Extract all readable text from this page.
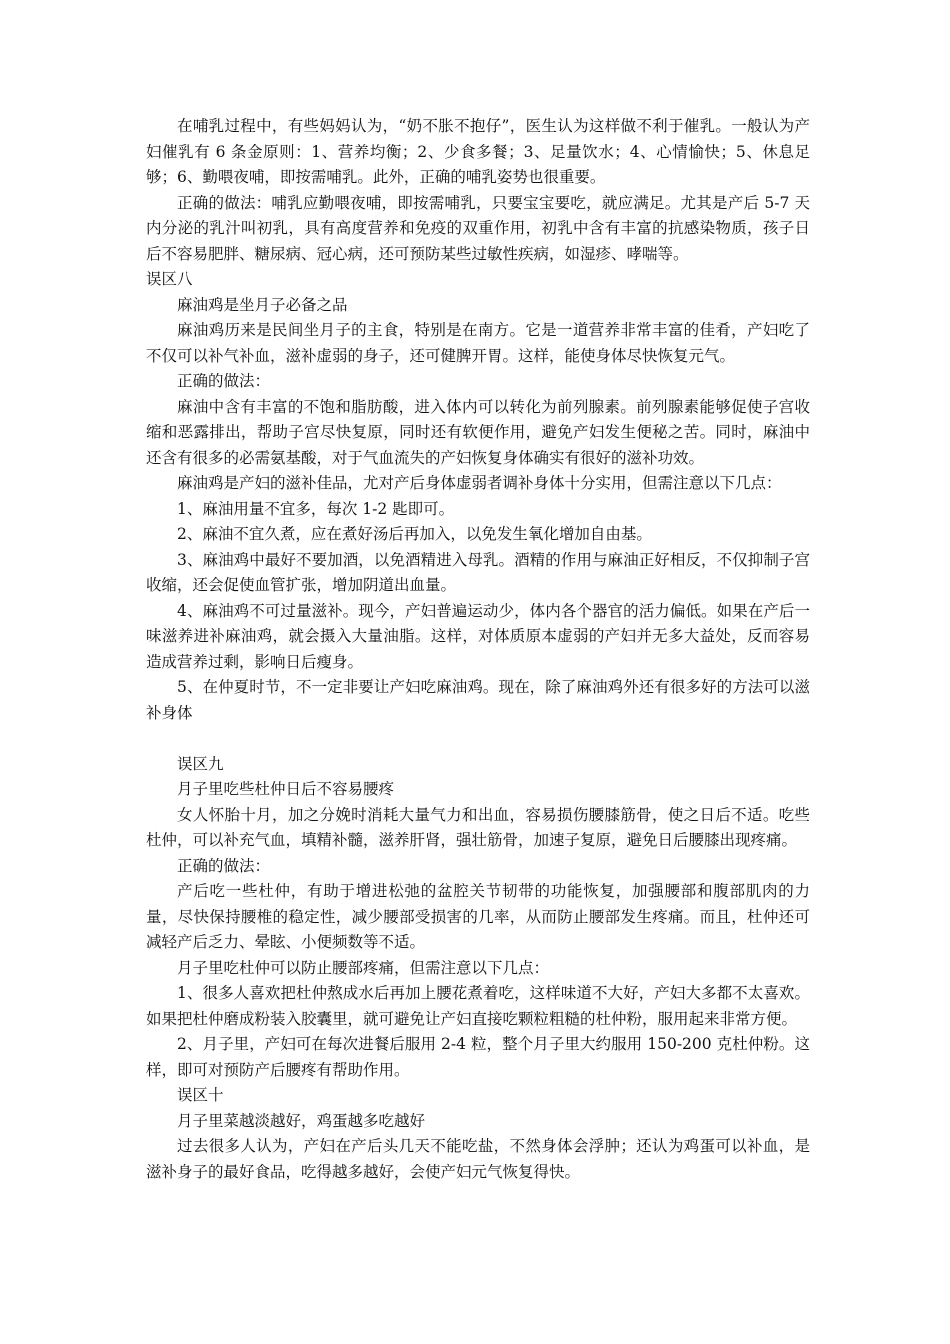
在哺乳过程中，有些妈妈认为，“奶不胀不抱仔”，医生认为这样做不利于催乳。一般认为产妇催乳有 6 条金原则：1、营养均衡；2、少食多餐；3、足量饮水；4、心情愉快；5、休息足够；6、勤喂夜哺，即按需哺乳。此外，正确的哺乳姿势也很重要。

正确的做法：哺乳应勤喂夜哺，即按需哺乳，只要宝宝要吃，就应满足。尤其是产后 5-7 天内分泌的乳汁叫初乳，具有高度营养和免疫的双重作用，初乳中含有丰富的抗感染物质，孩子日后不容易肥胖、糖尿病、冠心病，还可预防某些过敏性疾病，如湿疹、哮喘等。

误区八

麻油鸡是坐月子必备之品

麻油鸡历来是民间坐月子的主食，特别是在南方。它是一道营养非常丰富的佳肴，产妇吃了不仅可以补气补血，滋补虚弱的身子，还可健脾开胃。这样，能使身体尽快恢复元气。

正确的做法：

麻油中含有丰富的不饱和脂肪酸，进入体内可以转化为前列腺素。前列腺素能够促使子宫收缩和恶露排出，帮助子宫尽快复原，同时还有软便作用，避免产妇发生便秘之苦。同时，麻油中还含有很多的必需氨基酸，对于气血流失的产妇恢复身体确实有很好的滋补功效。

麻油鸡是产妇的滋补佳品，尤对产后身体虚弱者调补身体十分实用，但需注意以下几点：

1、麻油用量不宜多，每次 1-2 匙即可。

2、麻油不宜久煮，应在煮好汤后再加入，以免发生氧化增加自由基。

3、麻油鸡中最好不要加酒，以免酒精进入母乳。酒精的作用与麻油正好相反，不仅抑制子宫收缩，还会促使血管扩张，增加阴道出血量。

4、麻油鸡不可过量滋补。现今，产妇普遍运动少，体内各个器官的活力偏低。如果在产后一味滋养进补麻油鸡，就会摄入大量油脂。这样，对体质原本虚弱的产妇并无多大益处，反而容易造成营养过剩，影响日后瘦身。

5、在仲夏时节，不一定非要让产妇吃麻油鸡。现在，除了麻油鸡外还有很多好的方法可以滋补身体

误区九

月子里吃些杜仲日后不容易腰疼

女人怀胎十月，加之分娩时消耗大量气力和出血，容易损伤腰膝筋骨，使之日后不适。吃些杜仲，可以补充气血，填精补髓，滋养肝肾，强壮筋骨，加速子复原，避免日后腰膝出现疼痛。

正确的做法：

产后吃一些杜仲，有助于增进松弛的盆腔关节韧带的功能恢复，加强腰部和腹部肌肉的力量，尽快保持腰椎的稳定性，减少腰部受损害的几率，从而防止腰部发生疼痛。而且，杜仲还可减轻产后乏力、晕眩、小便频数等不适。

月子里吃杜仲可以防止腰部疼痛，但需注意以下几点：

1、很多人喜欢把杜仲熬成水后再加上腰花煮着吃，这样味道不大好，产妇大多都不太喜欢。如果把杜仲磨成粉装入胶囊里，就可避免让产妇直接吃颗粒粗糙的杜仲粉，服用起来非常方便。

2、月子里，产妇可在每次进餐后服用 2-4 粒，整个月子里大约服用 150-200 克杜仲粉。这样，即可对预防产后腰疼有帮助作用。

误区十

月子里菜越淡越好，鸡蛋越多吃越好

过去很多人认为，产妇在产后头几天不能吃盐，不然身体会浮肿；还认为鸡蛋可以补血，是滋补身子的最好食品，吃得越多越好，会使产妇元气恢复得快。
